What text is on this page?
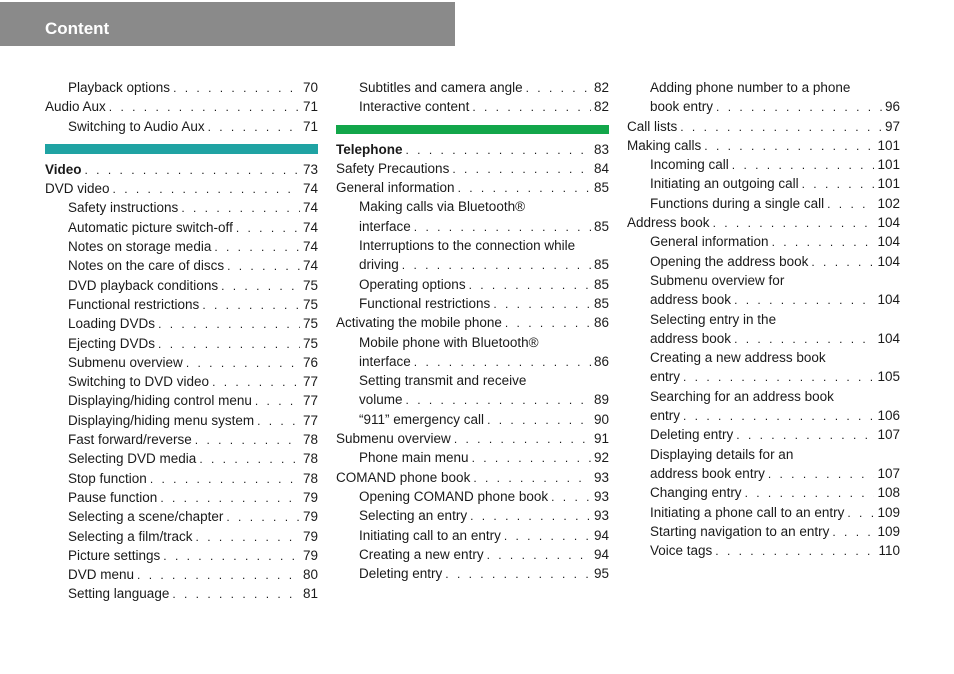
Content
Playback options . . .	70
Audio Aux . . .	71
Switching to Audio Aux . . .	71
Video . . .	73
DVD video . . .	74
Safety instructions . . .	74
Automatic picture switch-off . . .	74
Notes on storage media . . .	74
Notes on the care of discs . . .	74
DVD playback conditions . . .	75
Functional restrictions . . .	75
Loading DVDs . . .	75
Ejecting DVDs . . .	75
Submenu overview . . .	76
Switching to DVD video . . .	77
Displaying/hiding control menu . . .	77
Displaying/hiding menu system . . .	77
Fast forward/reverse . . .	78
Selecting DVD media . . .	78
Stop function . . .	78
Pause function . . .	79
Selecting a scene/chapter . . .	79
Selecting a film/track . . .	79
Picture settings . . .	79
DVD menu . . .	80
Setting language . . .	81
Subtitles and camera angle . . .	82
Interactive content . . .	82
Telephone . . .	83
Safety Precautions . . .	84
General information . . .	85
Making calls via Bluetooth®
interface . . .	85
Interruptions to the connection while
driving . . .	85
Operating options . . .	85
Functional restrictions . . .	85
Activating the mobile phone . . .	86
Mobile phone with Bluetooth®
interface . . .	86
Setting transmit and receive
volume . . .	89
“911” emergency call . . .	90
Submenu overview . . .	91
Phone main menu . . .	92
COMAND phone book . . .	93
Opening COMAND phone book . . .	93
Selecting an entry . . .	93
Initiating call to an entry . . .	94
Creating a new entry . . .	94
Deleting entry . . .	95
Adding phone number to a phone
book entry . . .	96
Call lists . . .	97
Making calls . . .	101
Incoming call . . .	101
Initiating an outgoing call . . .	101
Functions during a single call . . .	102
Address book . . .	104
General information . . .	104
Opening the address book . . .	104
Submenu overview for
address book . . .	104
Selecting entry in the
address book . . .	104
Creating a new address book
entry . . .	105
Searching for an address book
entry . . .	106
Deleting entry . . .	107
Displaying details for an
address book entry . . .	107
Changing entry . . .	108
Initiating a phone call to an entry . . . 109
Starting navigation to an entry . . .	109
Voice tags . . .	110
